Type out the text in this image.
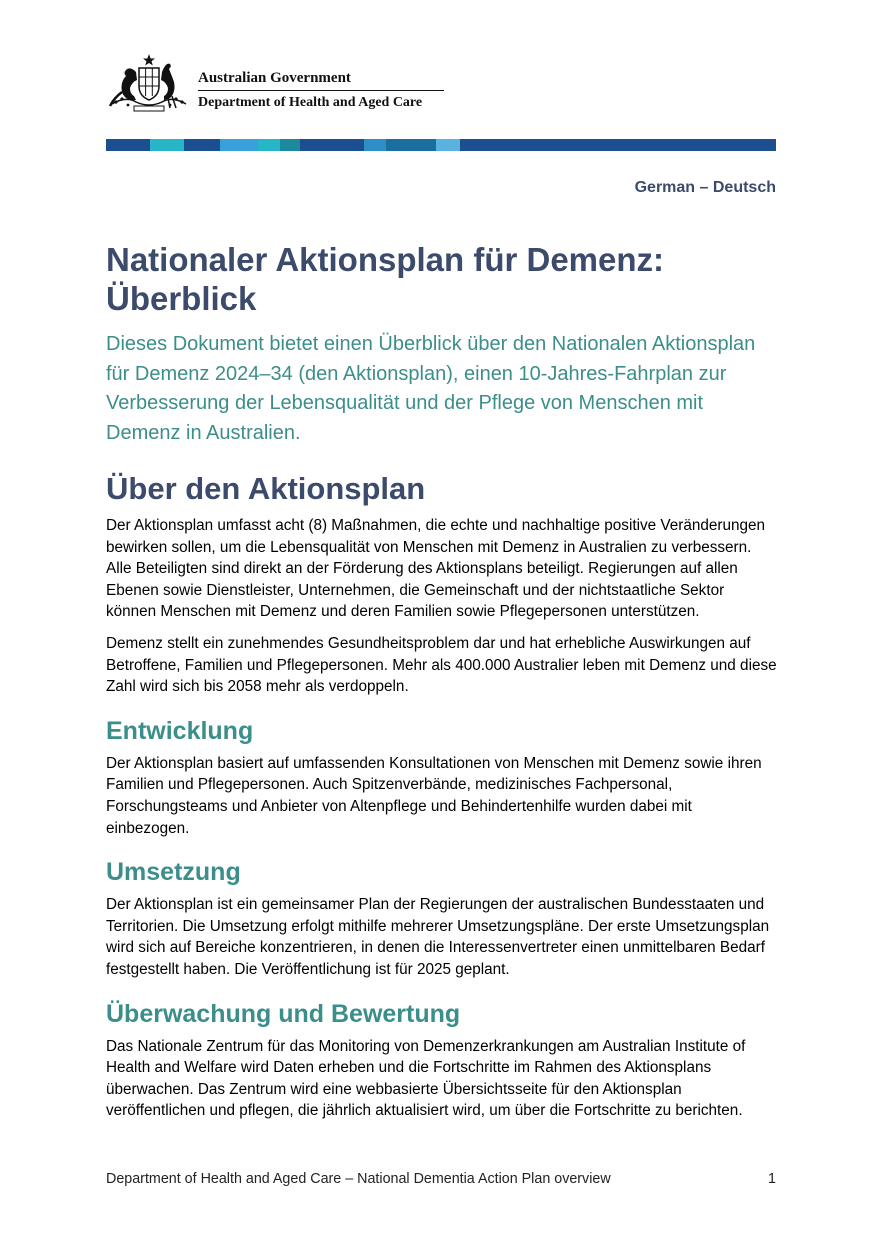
Australian Government
Department of Health and Aged Care
German – Deutsch
Nationaler Aktionsplan für Demenz: Überblick

Dieses Dokument bietet einen Überblick über den Nationalen Aktionsplan für Demenz 2024–34 (den Aktionsplan), einen 10-Jahres-Fahrplan zur Verbesserung der Lebensqualität und der Pflege von Menschen mit Demenz in Australien.

Über den Aktionsplan

Der Aktionsplan umfasst acht (8) Maßnahmen, die echte und nachhaltige positive Veränderungen bewirken sollen, um die Lebensqualität von Menschen mit Demenz in Australien zu verbessern. Alle Beteiligten sind direkt an der Förderung des Aktionsplans beteiligt. Regierungen auf allen Ebenen sowie Dienstleister, Unternehmen, die Gemeinschaft und der nichtstaatliche Sektor können Menschen mit Demenz und deren Familien sowie Pflegepersonen unterstützen.

Demenz stellt ein zunehmendes Gesundheitsproblem dar und hat erhebliche Auswirkungen auf Betroffene, Familien und Pflegepersonen. Mehr als 400.000 Australier leben mit Demenz und diese Zahl wird sich bis 2058 mehr als verdoppeln.

Entwicklung

Der Aktionsplan basiert auf umfassenden Konsultationen von Menschen mit Demenz sowie ihren Familien und Pflegepersonen. Auch Spitzenverbände, medizinisches Fachpersonal, Forschungsteams und Anbieter von Altenpflege und Behindertenhilfe wurden dabei mit einbezogen.

Umsetzung

Der Aktionsplan ist ein gemeinsamer Plan der Regierungen der australischen Bundesstaaten und Territorien. Die Umsetzung erfolgt mithilfe mehrerer Umsetzungspläne. Der erste Umsetzungsplan wird sich auf Bereiche konzentrieren, in denen die Interessenvertreter einen unmittelbaren Bedarf festgestellt haben. Die Veröffentlichung ist für 2025 geplant.

Überwachung und Bewertung

Das Nationale Zentrum für das Monitoring von Demenzerkrankungen am Australian Institute of Health and Welfare wird Daten erheben und die Fortschritte im Rahmen des Aktionsplans überwachen. Das Zentrum wird eine webbasierte Übersichtsseite für den Aktionsplan veröffentlichen und pflegen, die jährlich aktualisiert wird, um über die Fortschritte zu berichten.

Department of Health and Aged Care – National Dementia Action Plan overview	1
